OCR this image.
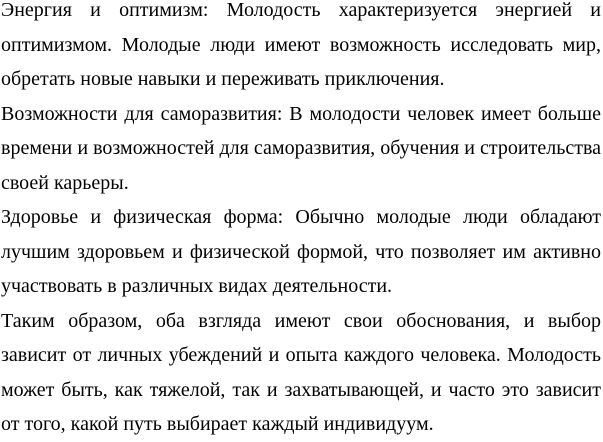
Энергия и оптимизм: Молодость характеризуется энергией и оптимизмом. Молодые люди имеют возможность исследовать мир, обретать новые навыки и переживать приключения.

Возможности для саморазвития: В молодости человек имеет больше времени и возможностей для саморазвития, обучения и строительства своей карьеры.

Здоровье и физическая форма: Обычно молодые люди обладают лучшим здоровьем и физической формой, что позволяет им активно участвовать в различных видах деятельности.

Таким образом, оба взгляда имеют свои обоснования, и выбор зависит от личных убеждений и опыта каждого человека. Молодость может быть, как тяжелой, так и захватывающей, и часто это зависит от того, какой путь выбирает каждый индивидуум.
